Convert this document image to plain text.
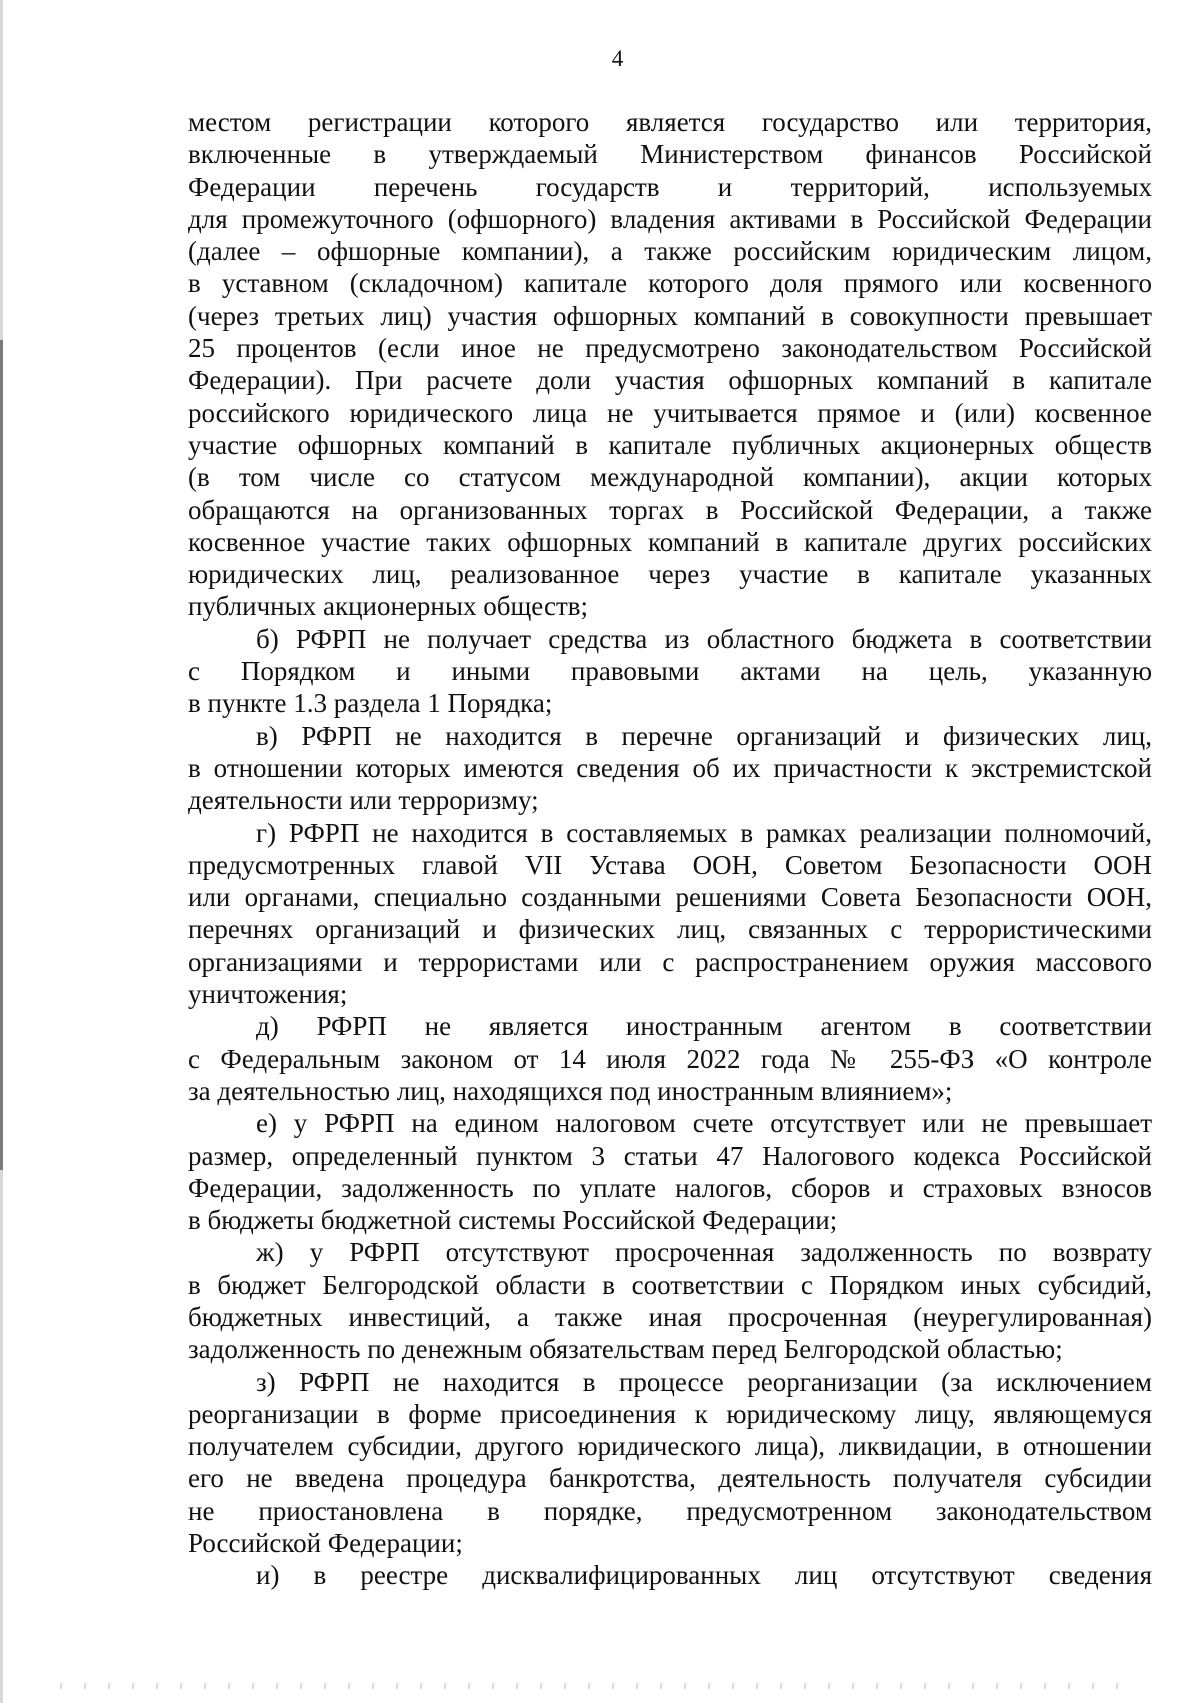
4
местом регистрации которого является государство или территория,
включенные в утверждаемый Министерством финансов Российской
Федерации перечень государств и территорий, используемых
для промежуточного (офшорного) владения активами в Российской Федерации
(далее – офшорные компании), а также российским юридическим лицом,
в уставном (складочном) капитале которого доля прямого или косвенного
(через третьих лиц) участия офшорных компаний в совокупности превышает
25 процентов (если иное не предусмотрено законодательством Российской
Федерации). При расчете доли участия офшорных компаний в капитале
российского юридического лица не учитывается прямое и (или) косвенное
участие офшорных компаний в капитале публичных акционерных обществ
(в том числе со статусом международной компании), акции которых
обращаются на организованных торгах в Российской Федерации, а также
косвенное участие таких офшорных компаний в капитале других российских
юридических лиц, реализованное через участие в капитале указанных
публичных акционерных обществ;
б) РФРП не получает средства из областного бюджета в соответствии
с Порядком и иными правовыми актами на цель, указанную
в пункте 1.3 раздела 1 Порядка;
в) РФРП не находится в перечне организаций и физических лиц,
в отношении которых имеются сведения об их причастности к экстремистской
деятельности или терроризму;
г) РФРП не находится в составляемых в рамках реализации полномочий,
предусмотренных главой VII Устава ООН, Советом Безопасности ООН
или органами, специально созданными решениями Совета Безопасности ООН,
перечнях организаций и физических лиц, связанных с террористическими
организациями и террористами или с распространением оружия массового
уничтожения;
д) РФРП не является иностранным агентом в соответствии
с Федеральным законом от 14 июля 2022 года № 255-ФЗ «О контроле
за деятельностью лиц, находящихся под иностранным влиянием»;
е) у РФРП на едином налоговом счете отсутствует или не превышает
размер, определенный пунктом 3 статьи 47 Налогового кодекса Российской
Федерации, задолженность по уплате налогов, сборов и страховых взносов
в бюджеты бюджетной системы Российской Федерации;
ж) у РФРП отсутствуют просроченная задолженность по возврату
в бюджет Белгородской области в соответствии с Порядком иных субсидий,
бюджетных инвестиций, а также иная просроченная (неурегулированная)
задолженность по денежным обязательствам перед Белгородской областью;
з) РФРП не находится в процессе реорганизации (за исключением
реорганизации в форме присоединения к юридическому лицу, являющемуся
получателем субсидии, другого юридического лица), ликвидации, в отношении
его не введена процедура банкротства, деятельность получателя субсидии
не приостановлена в порядке, предусмотренном законодательством
Российской Федерации;
и) в реестре дисквалифицированных лиц отсутствуют сведения
